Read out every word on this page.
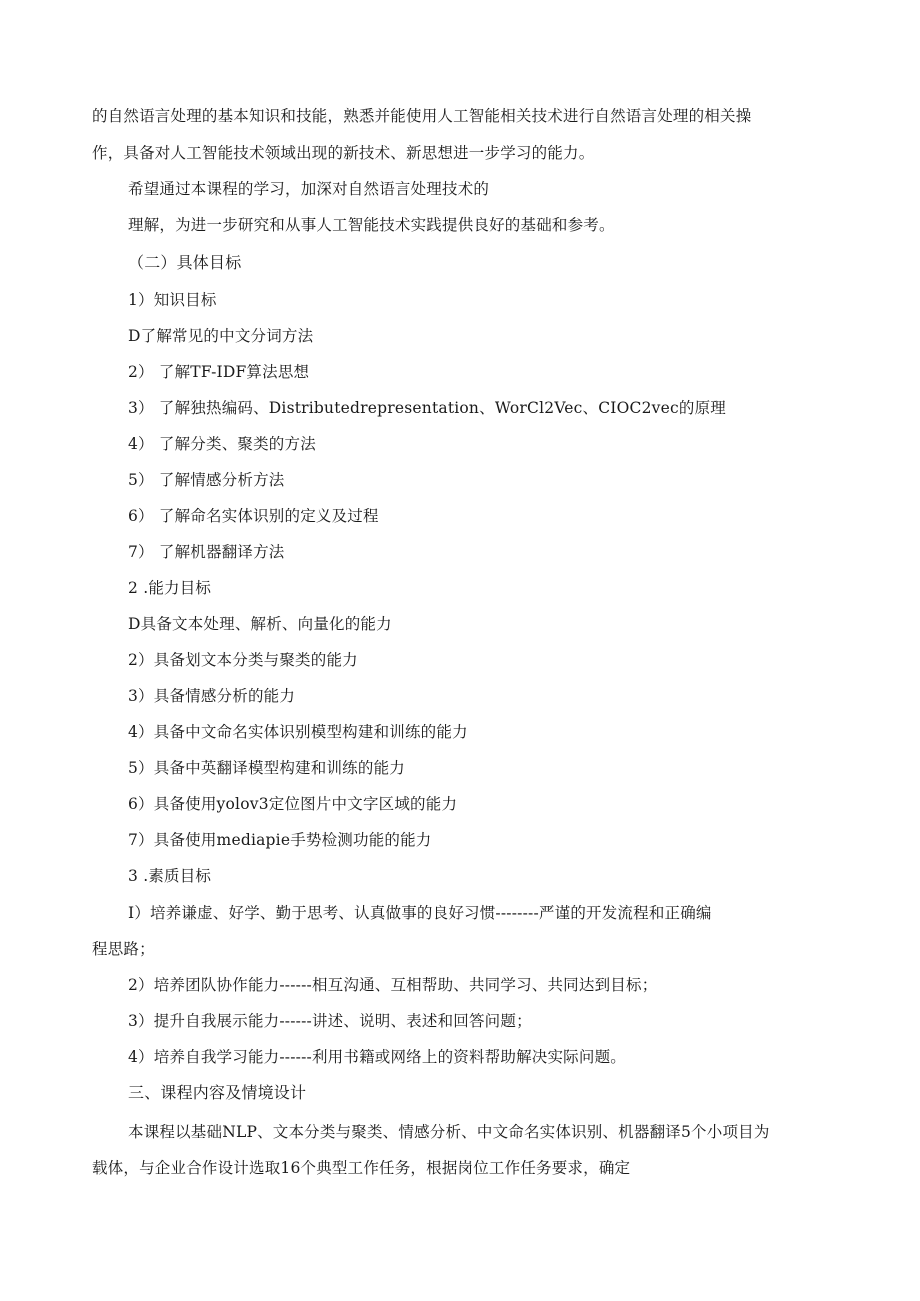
的自然语言处理的基本知识和技能，熟悉并能使用人工智能相关技术进行自然语言处理的相关操
作，具备对人工智能技术领域出现的新技术、新思想进一步学习的能力。
希望通过本课程的学习，加深对自然语言处理技术的
理解，为进一步研究和从事人工智能技术实践提供良好的基础和参考。
（二）具体目标
1）知识目标
D了解常见的中文分词方法
2） 了解TF-IDF算法思想
3） 了解独热编码、Distributedrepresentation、WorCl2Vec、CIOC2vec的原理
4） 了解分类、聚类的方法
5） 了解情感分析方法
6） 了解命名实体识别的定义及过程
7） 了解机器翻译方法
2 .能力目标
D具备文本处理、解析、向量化的能力
2）具备划文本分类与聚类的能力
3）具备情感分析的能力
4）具备中文命名实体识别模型构建和训练的能力
5）具备中英翻译模型构建和训练的能力
6）具备使用yolov3定位图片中文字区域的能力
7）具备使用mediapie手势检测功能的能力
3 .素质目标
I）培养谦虚、好学、勤于思考、认真做事的良好习惯--------严谨的开发流程和正确编
程思路；
2）培养团队协作能力------相互沟通、互相帮助、共同学习、共同达到目标；
3）提升自我展示能力------讲述、说明、表述和回答问题；
4）培养自我学习能力------利用书籍或网络上的资料帮助解决实际问题。
三、课程内容及情境设计
本课程以基础NLP、文本分类与聚类、情感分析、中文命名实体识别、机器翻译5个小项目为
载体，与企业合作设计选取16个典型工作任务，根据岗位工作任务要求，确定
